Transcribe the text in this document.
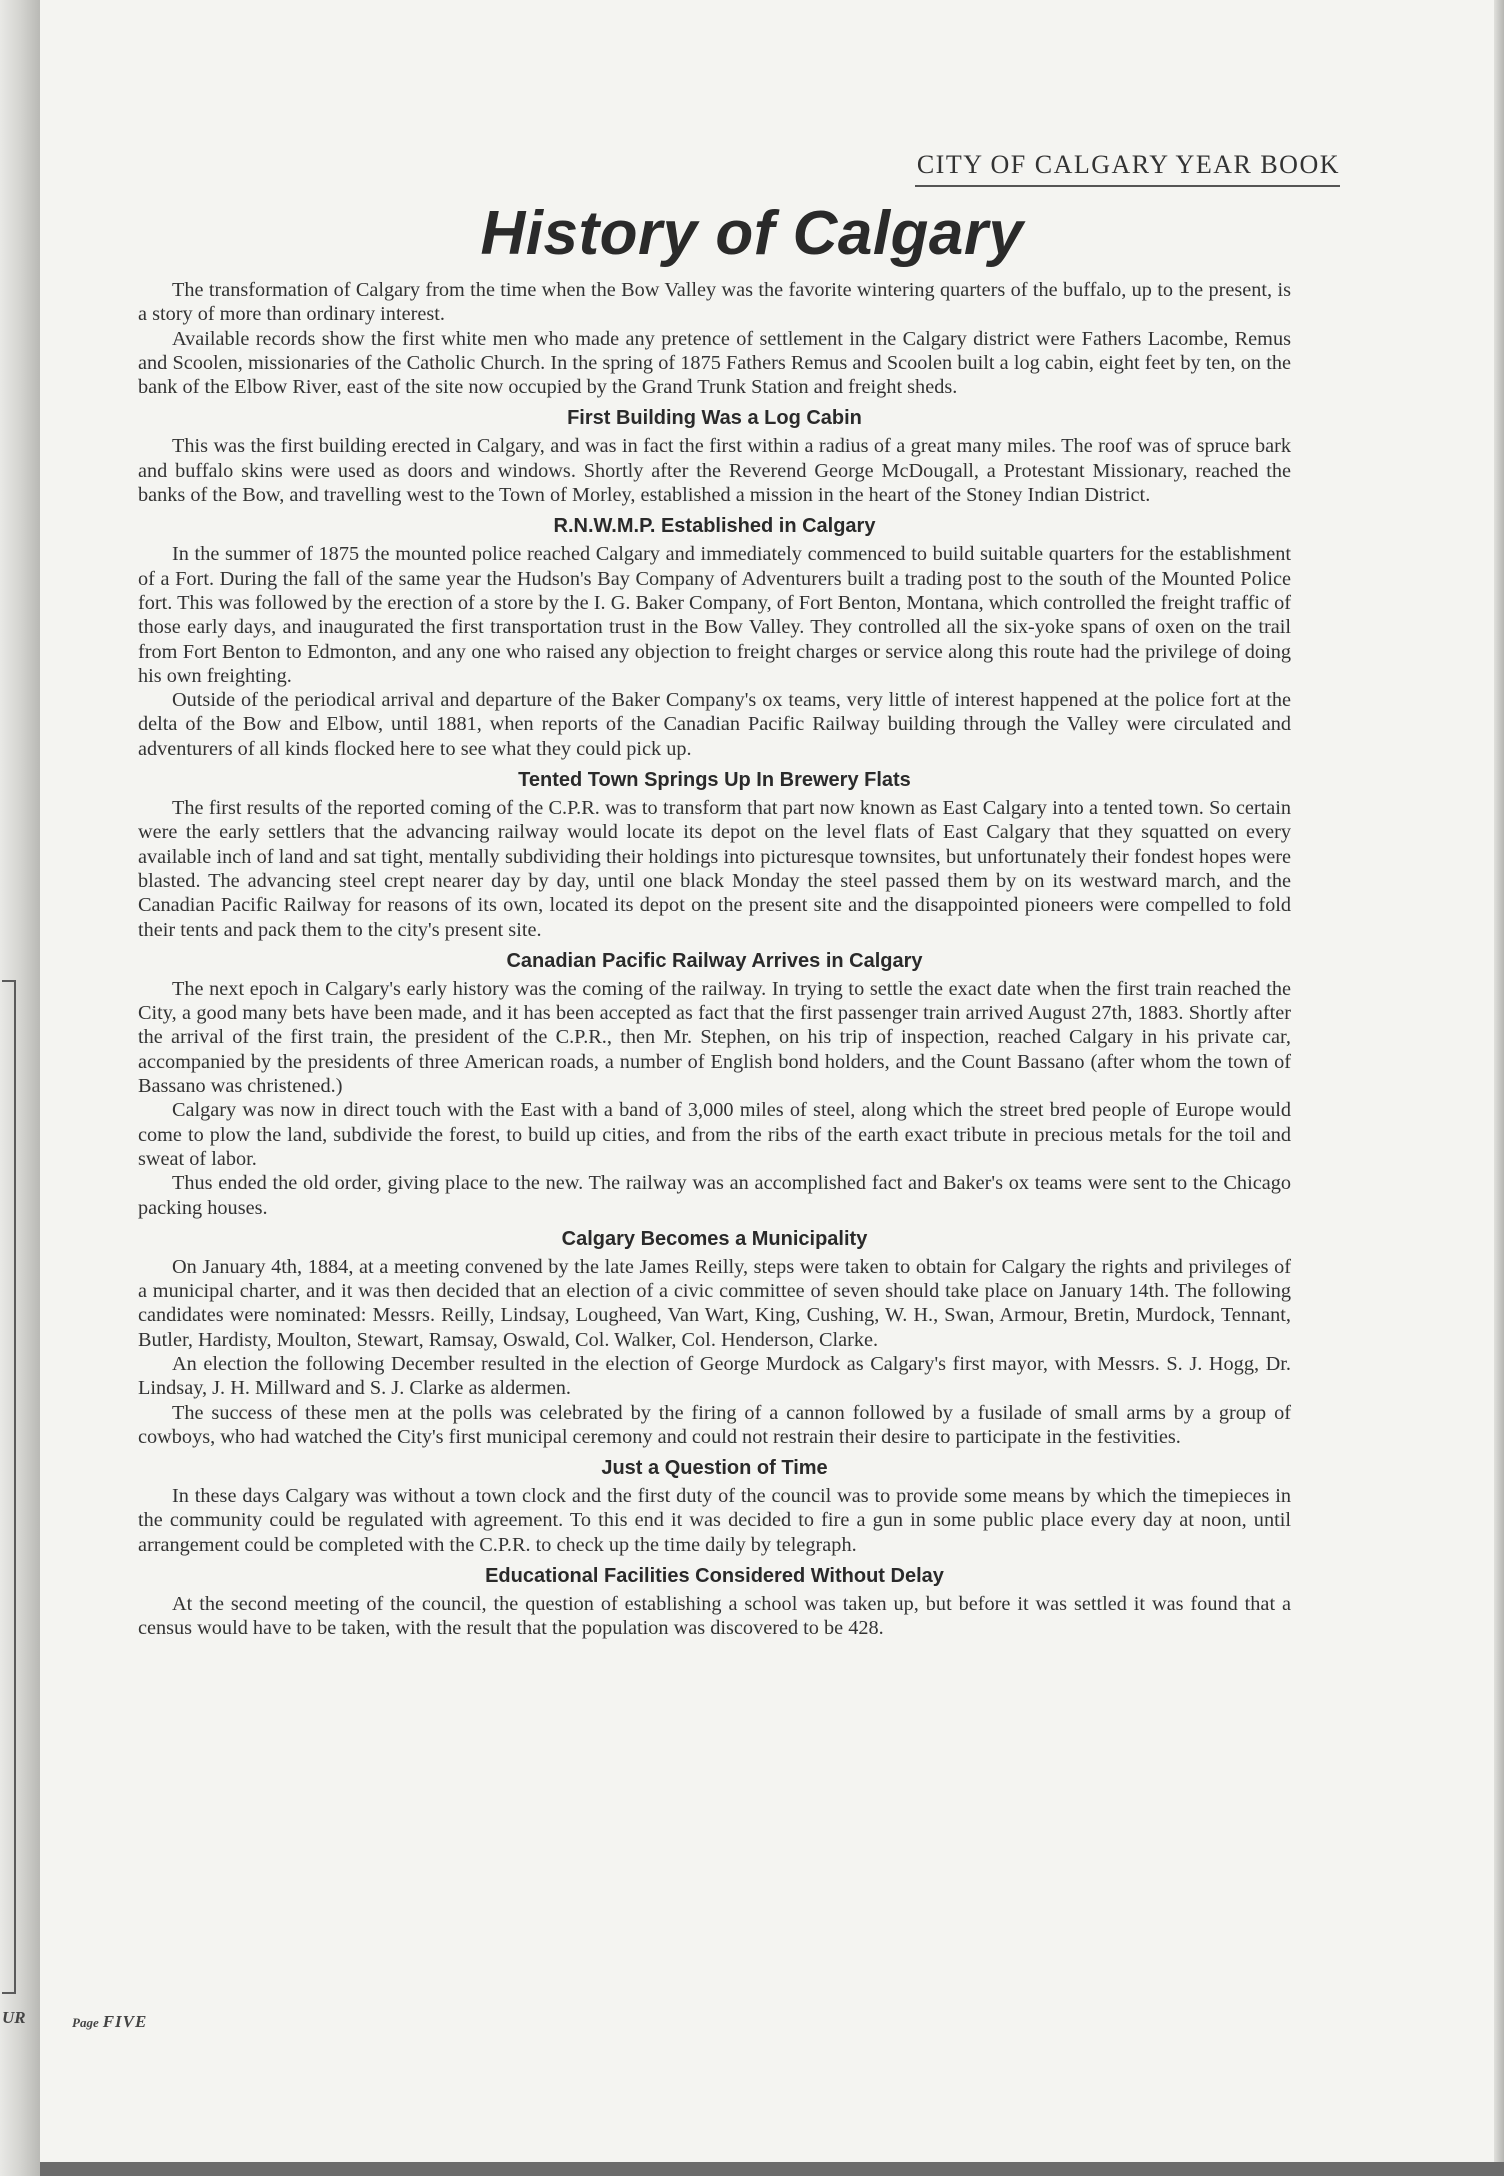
UR
CITY OF CALGARY YEAR BOOK
History of Calgary

The transformation of Calgary from the time when the Bow Valley was the favorite wintering quarters of the buffalo, up to the present, is a story of more than ordinary interest.

Available records show the first white men who made any pretence of settlement in the Calgary district were Fathers Lacombe, Remus and Scoolen, missionaries of the Catholic Church. In the spring of 1875 Fathers Remus and Scoolen built a log cabin, eight feet by ten, on the bank of the Elbow River, east of the site now occupied by the Grand Trunk Station and freight sheds.

First Building Was a Log Cabin

This was the first building erected in Calgary, and was in fact the first within a radius of a great many miles. The roof was of spruce bark and buffalo skins were used as doors and windows. Shortly after the Reverend George McDougall, a Protestant Missionary, reached the banks of the Bow, and travelling west to the Town of Morley, established a mission in the heart of the Stoney Indian District.

R.N.W.M.P. Established in Calgary

In the summer of 1875 the mounted police reached Calgary and immediately commenced to build suitable quarters for the establishment of a Fort. During the fall of the same year the Hudson's Bay Company of Adventurers built a trading post to the south of the Mounted Police fort. This was followed by the erection of a store by the I. G. Baker Company, of Fort Benton, Montana, which controlled the freight traffic of those early days, and inaugurated the first transportation trust in the Bow Valley. They controlled all the six-yoke spans of oxen on the trail from Fort Benton to Edmonton, and any one who raised any objection to freight charges or service along this route had the privilege of doing his own freighting.

Outside of the periodical arrival and departure of the Baker Company's ox teams, very little of interest happened at the police fort at the delta of the Bow and Elbow, until 1881, when reports of the Canadian Pacific Railway building through the Valley were circulated and adventurers of all kinds flocked here to see what they could pick up.

Tented Town Springs Up In Brewery Flats

The first results of the reported coming of the C.P.R. was to transform that part now known as East Calgary into a tented town. So certain were the early settlers that the advancing railway would locate its depot on the level flats of East Calgary that they squatted on every available inch of land and sat tight, mentally subdividing their holdings into picturesque townsites, but unfortunately their fondest hopes were blasted. The advancing steel crept nearer day by day, until one black Monday the steel passed them by on its westward march, and the Canadian Pacific Railway for reasons of its own, located its depot on the present site and the disappointed pioneers were compelled to fold their tents and pack them to the city's present site.

Canadian Pacific Railway Arrives in Calgary

The next epoch in Calgary's early history was the coming of the railway. In trying to settle the exact date when the first train reached the City, a good many bets have been made, and it has been accepted as fact that the first passenger train arrived August 27th, 1883. Shortly after the arrival of the first train, the president of the C.P.R., then Mr. Stephen, on his trip of inspection, reached Calgary in his private car, accompanied by the presidents of three American roads, a number of English bond holders, and the Count Bassano (after whom the town of Bassano was christened.)

Calgary was now in direct touch with the East with a band of 3,000 miles of steel, along which the street bred people of Europe would come to plow the land, subdivide the forest, to build up cities, and from the ribs of the earth exact tribute in precious metals for the toil and sweat of labor.

Thus ended the old order, giving place to the new. The railway was an accomplished fact and Baker's ox teams were sent to the Chicago packing houses.

Calgary Becomes a Municipality

On January 4th, 1884, at a meeting convened by the late James Reilly, steps were taken to obtain for Calgary the rights and privileges of a municipal charter, and it was then decided that an election of a civic committee of seven should take place on January 14th. The following candidates were nominated: Messrs. Reilly, Lindsay, Lougheed, Van Wart, King, Cushing, W. H., Swan, Armour, Bretin, Murdock, Tennant, Butler, Hardisty, Moulton, Stewart, Ramsay, Oswald, Col. Walker, Col. Henderson, Clarke.

An election the following December resulted in the election of George Murdock as Calgary's first mayor, with Messrs. S. J. Hogg, Dr. Lindsay, J. H. Millward and S. J. Clarke as aldermen.

The success of these men at the polls was celebrated by the firing of a cannon followed by a fusilade of small arms by a group of cowboys, who had watched the City's first municipal ceremony and could not restrain their desire to participate in the festivities.

Just a Question of Time

In these days Calgary was without a town clock and the first duty of the council was to provide some means by which the timepieces in the community could be regulated with agreement. To this end it was decided to fire a gun in some public place every day at noon, until arrangement could be completed with the C.P.R. to check up the time daily by telegraph.

Educational Facilities Considered Without Delay

At the second meeting of the council, the question of establishing a school was taken up, but before it was settled it was found that a census would have to be taken, with the result that the population was discovered to be 428.

Page FIVE
